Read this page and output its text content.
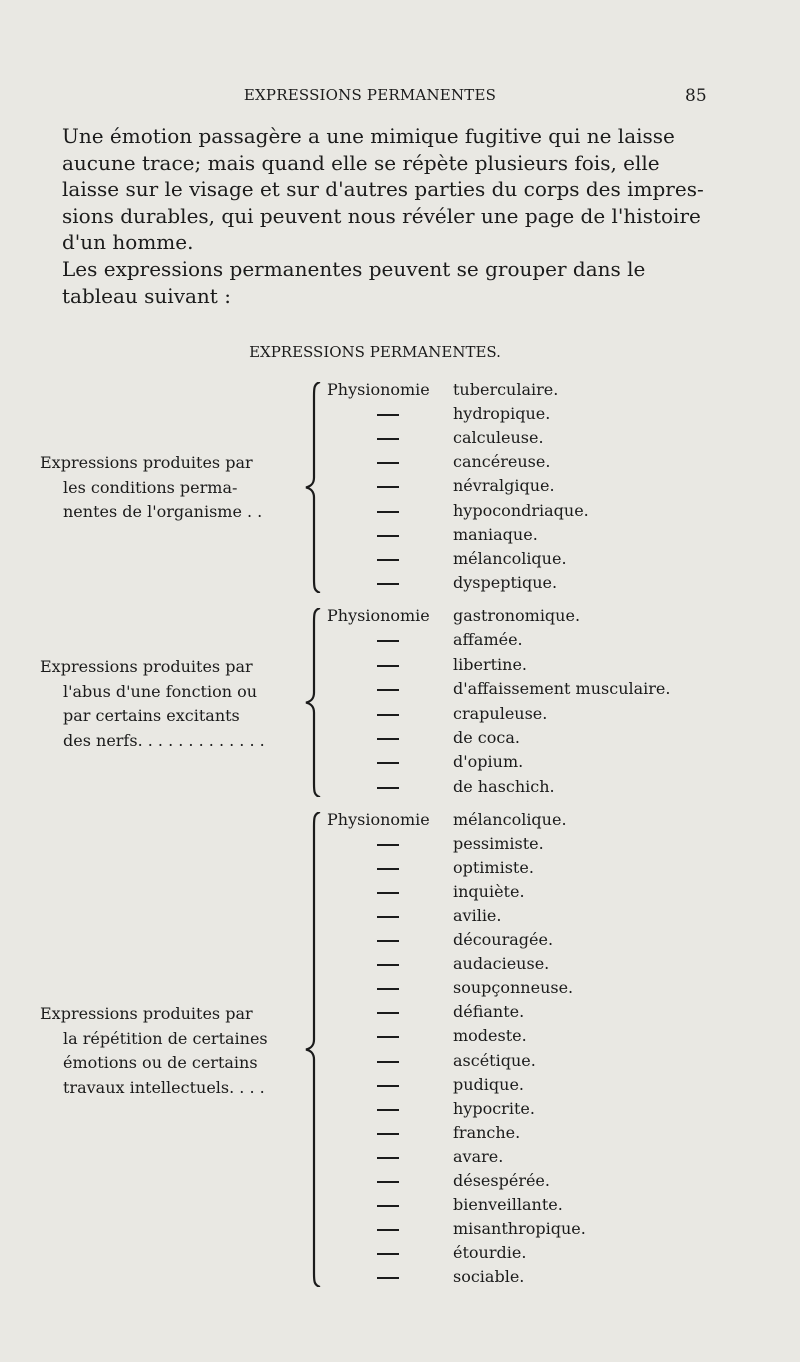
EXPRESSIONS PERMANENTES	85
Une émotion passagère a une mimique fugitive qui ne laisse
aucune trace; mais quand elle se répète plusieurs fois, elle
laisse sur le visage et sur d'autres parties du corps des impres-
sions durables, qui peuvent nous révéler une page de l'histoire
d'un homme.
Les expressions permanentes peuvent se grouper dans le
tableau suivant :
EXPRESSIONS PERMANENTES.
Expressions produites par
les conditions perma-
nentes de l'organisme . .
Physionomie tuberculaire.
hydropique.
calculeuse.
cancéreuse.
névralgique.
hypocondriaque.
maniaque.
mélancolique.
dyspeptique.
Expressions produites par
l'abus d'une fonction ou
par certains excitants
des nerfs. . . . . . . . . . . . .
Physionomie gastronomique.
affamée.
libertine.
d'affaissement musculaire.
crapuleuse.
de coca.
d'opium.
de haschich.
Expressions produites par
la répétition de certaines
émotions ou de certains
travaux intellectuels. . . .
Physionomie mélancolique.
pessimiste.
optimiste.
inquiète.
avilie.
découragée.
audacieuse.
soupçonneuse.
défiante.
modeste.
ascétique.
pudique.
hypocrite.
franche.
avare.
désespérée.
bienveillante.
misanthropique.
étourdie.
sociable.
